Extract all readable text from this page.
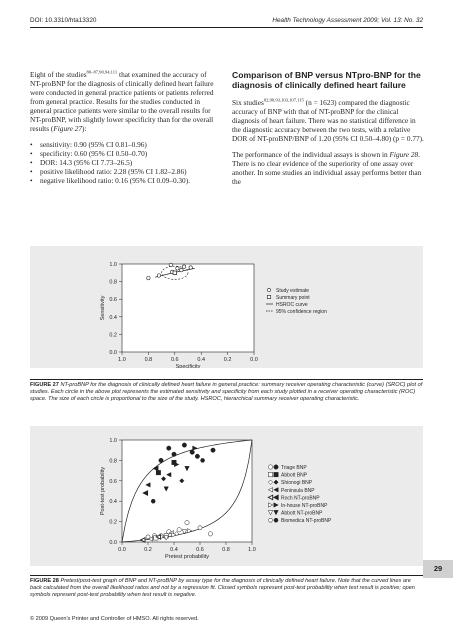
DOI: 10.3310/hta13320	Health Technology Assessment 2009; Vol. 13: No. 32

Eight of the studies$^{80-87,90,94,111}$ that examined the accuracy of NT-proBNP for the diagnosis of clinically defined heart failure were conducted in general practice patients or patients referred from general practice. Results for the studies conducted in general practice patients were similar to the overall results for NT-proBNP, with slightly lower specificity than for the overall results (Figure 27):

• sensitivity: 0.90 (95% CI 0.81–0.96)
• specificity: 0.60 (95% CI 0.50–0.70)
• DOR: 14.3 (95% CI 7.73–26.5)
• positive likelihood ratio: 2.28 (95% CI 1.82–2.86)
• negative likelihood ratio: 0.16 (95% CI 0.09–0.30).
Comparison of BNP versus NTpro-BNP for the diagnosis of clinically defined heart failure

Six studies$^{82,90,93,103,107,115}$ (n = 1623) compared the diagnostic accuracy of BNP with that of NT-proBNP for the clinical diagnosis of heart failure. There was no statistical difference in the diagnostic accuracy between the two tests, with a relative DOR of NT-proBNP/BNP of 1.20 (95% CI 0.50–4.80) (p = 0.77).

The performance of the individual assays is shown in Figure 28. There is no clear evidence of the superiority of one assay over another. In some studies an individual assay performs better than the

1.0
0.8
0.6
0.4
0.2
0.0
1.0	0.8	0.6	0.4	0.2	0.0
Specificity
Sensitivity
Study estimate
Summary point
HSROC curve
95% confidence region
FIGURE 27 NT-proBNP for the diagnosis of clinically defined heart failure in general practice: summary receiver operating characteristic (curve) (SROC) plot of studies. Each circle in the above plot represents the estimated sensitivity and specificity from each study plotted in a receiver operating characteristic (ROC) space. The size of each circle is proportional to the size of the study. HSROC, hierarchical summary receiver operating characteristic.
1.0
0.8
0.6
0.4
0.2
0.0
0.0	0.2	0.4	0.6	0.8	1.0
Pretest probability
Post-test probability	Triage BNP
Abbott BNP
Shionogi BNP
Peninsula BNP
Roch NT-proBNP
In-house NT-proBNP
Abbott NT-proBNP
Biomedica NT-proBNP
FIGURE 28 Pretest/post-test graph of BNP and NT-proBNP by assay type for the diagnosis of clinically defined heart failure. Note that the curved lines are back calculated from the overall likelihood ratios and not by a regression fit. Closed symbols represent post-test probability when test result is positive; open symbols represent post-test probability when test result is negative.
29
© 2009 Queen's Printer and Controller of HMSO. All rights reserved.
